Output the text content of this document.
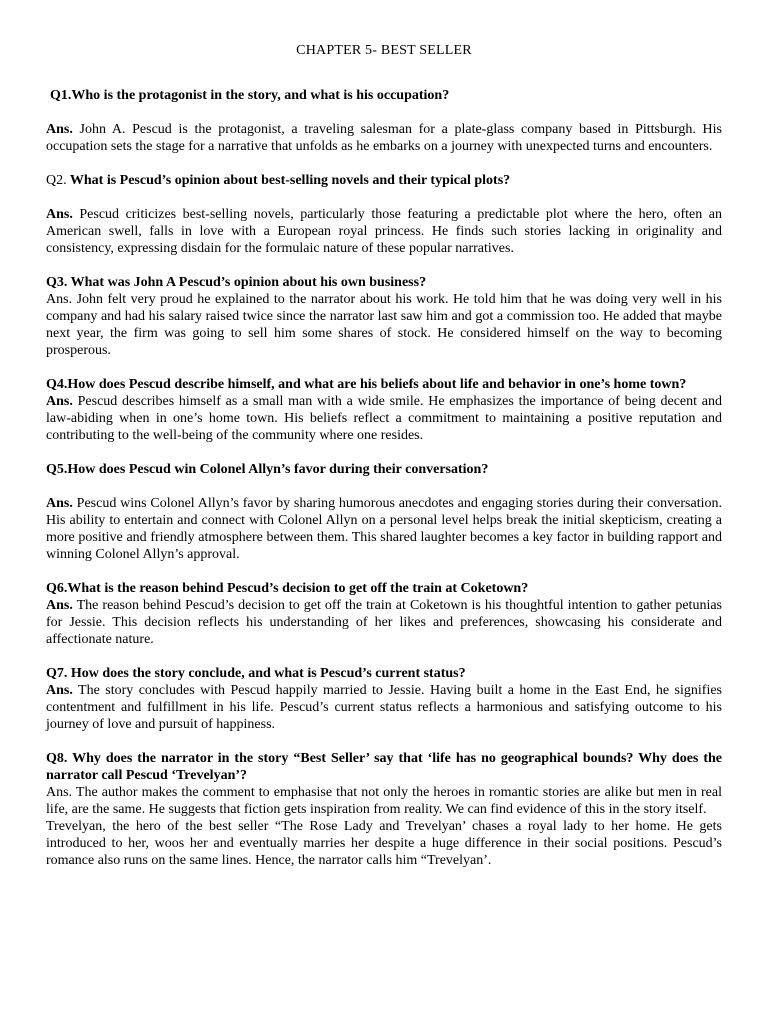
CHAPTER 5- BEST SELLER

Q1.Who is the protagonist in the story, and what is his occupation?

Ans. John A. Pescud is the protagonist, a traveling salesman for a plate-glass company based in Pittsburgh. His occupation sets the stage for a narrative that unfolds as he embarks on a journey with unexpected turns and encounters.

Q2. What is Pescud’s opinion about best-selling novels and their typical plots?

Ans. Pescud criticizes best-selling novels, particularly those featuring a predictable plot where the hero, often an American swell, falls in love with a European royal princess. He finds such stories lacking in originality and consistency, expressing disdain for the formulaic nature of these popular narratives.

Q3. What was John A Pescud’s opinion about his own business?

Ans. John felt very proud he explained to the narrator about his work. He told him that he was doing very well in his company and had his salary raised twice since the narrator last saw him and got a commission too. He added that maybe next year, the firm was going to sell him some shares of stock. He considered himself on the way to becoming prosperous.

Q4.How does Pescud describe himself, and what are his beliefs about life and behavior in one’s home town?

Ans. Pescud describes himself as a small man with a wide smile. He emphasizes the importance of being decent and law-abiding when in one’s home town. His beliefs reflect a commitment to maintaining a positive reputation and contributing to the well-being of the community where one resides.

Q5.How does Pescud win Colonel Allyn’s favor during their conversation?

Ans. Pescud wins Colonel Allyn’s favor by sharing humorous anecdotes and engaging stories during their conversation. His ability to entertain and connect with Colonel Allyn on a personal level helps break the initial skepticism, creating a more positive and friendly atmosphere between them. This shared laughter becomes a key factor in building rapport and winning Colonel Allyn’s approval.

Q6.What is the reason behind Pescud’s decision to get off the train at Coketown?

Ans. The reason behind Pescud’s decision to get off the train at Coketown is his thoughtful intention to gather petunias for Jessie. This decision reflects his understanding of her likes and preferences, showcasing his considerate and affectionate nature.

Q7. How does the story conclude, and what is Pescud’s current status?

Ans. The story concludes with Pescud happily married to Jessie. Having built a home in the East End, he signifies contentment and fulfillment in his life. Pescud’s current status reflects a harmonious and satisfying outcome to his journey of love and pursuit of happiness.

Q8. Why does the narrator in the story “Best Seller’ say that ‘life has no geographical bounds? Why does the narrator call Pescud ‘Trevelyan’?

Ans. The author makes the comment to emphasise that not only the heroes in romantic stories are alike but men in real life, are the same. He suggests that fiction gets inspiration from reality. We can find evidence of this in the story itself.

Trevelyan, the hero of the best seller “The Rose Lady and Trevelyan’ chases a royal lady to her home. He gets introduced to her, woos her and eventually marries her despite a huge difference in their social positions. Pescud’s romance also runs on the same lines. Hence, the narrator calls him “Trevelyan’.
